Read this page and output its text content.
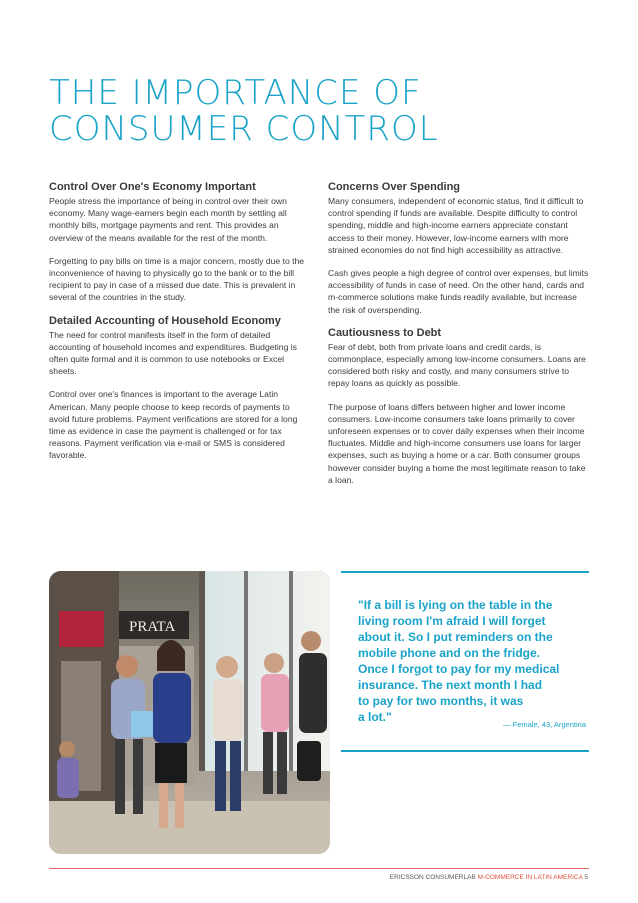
THE IMPORTANCE OF
CONSUMER CONTROL
Control Over One's Economy Important

People stress the importance of being in control over their own economy. Many wage-earners begin each month by settling all monthly bills, mortgage payments and rent. This provides an overview of the means available for the rest of the month.

Forgetting to pay bills on time is a major concern, mostly due to the inconvenience of having to physically go to the bank or to the bill recipient to pay in case of a missed due date. This is prevalent in several of the countries in the study.

Detailed Accounting of Household Economy

The need for control manifests itself in the form of detailed accounting of household incomes and expenditures. Budgeting is often quite formal and it is common to use notebooks or Excel sheets.

Control over one's finances is important to the average Latin American. Many people choose to keep records of payments to avoid future problems. Payment verifications are stored for a long time as evidence in case the payment is challenged or for tax reasons. Payment verification via e-mail or SMS is considered favorable.

Concerns Over Spending

Many consumers, independent of economic status, find it difficult to control spending if funds are available. Despite difficulty to control spending, middle and high-income earners appreciate constant access to their money. However, low-income earners with more strained economies do not find high accessibility as attractive.

Cash gives people a high degree of control over expenses, but limits accessibility of funds in case of need. On the other hand, cards and m-commerce solutions make funds readily available, but increase the risk of overspending.

Cautiousness to Debt

Fear of debt, both from private loans and credit cards, is commonplace, especially among low-income consumers. Loans are considered both risky and costly, and many consumers strive to repay loans as quickly as possible.

The purpose of loans differs between higher and lower income consumers. Low-income consumers take loans primarily to cover unforeseen expenses or to cover daily expenses when their income fluctuates. Middle and high-income consumers use loans for larger expenses, such as buying a home or a car. Both consumer groups however consider buying a home the most legitimate reason to take a loan.

PRATA

"If a bill is lying on the table in the
living room I'm afraid I will forget
about it. So I put reminders on the
mobile phone and on the fridge.
Once I forgot to pay for my medical
insurance. The next month I had
to pay for two months, it was
a lot."

— Female, 43, Argentina
ERICSSON CONSUMERLAB M-COMMERCE IN LATIN AMERICA 5
